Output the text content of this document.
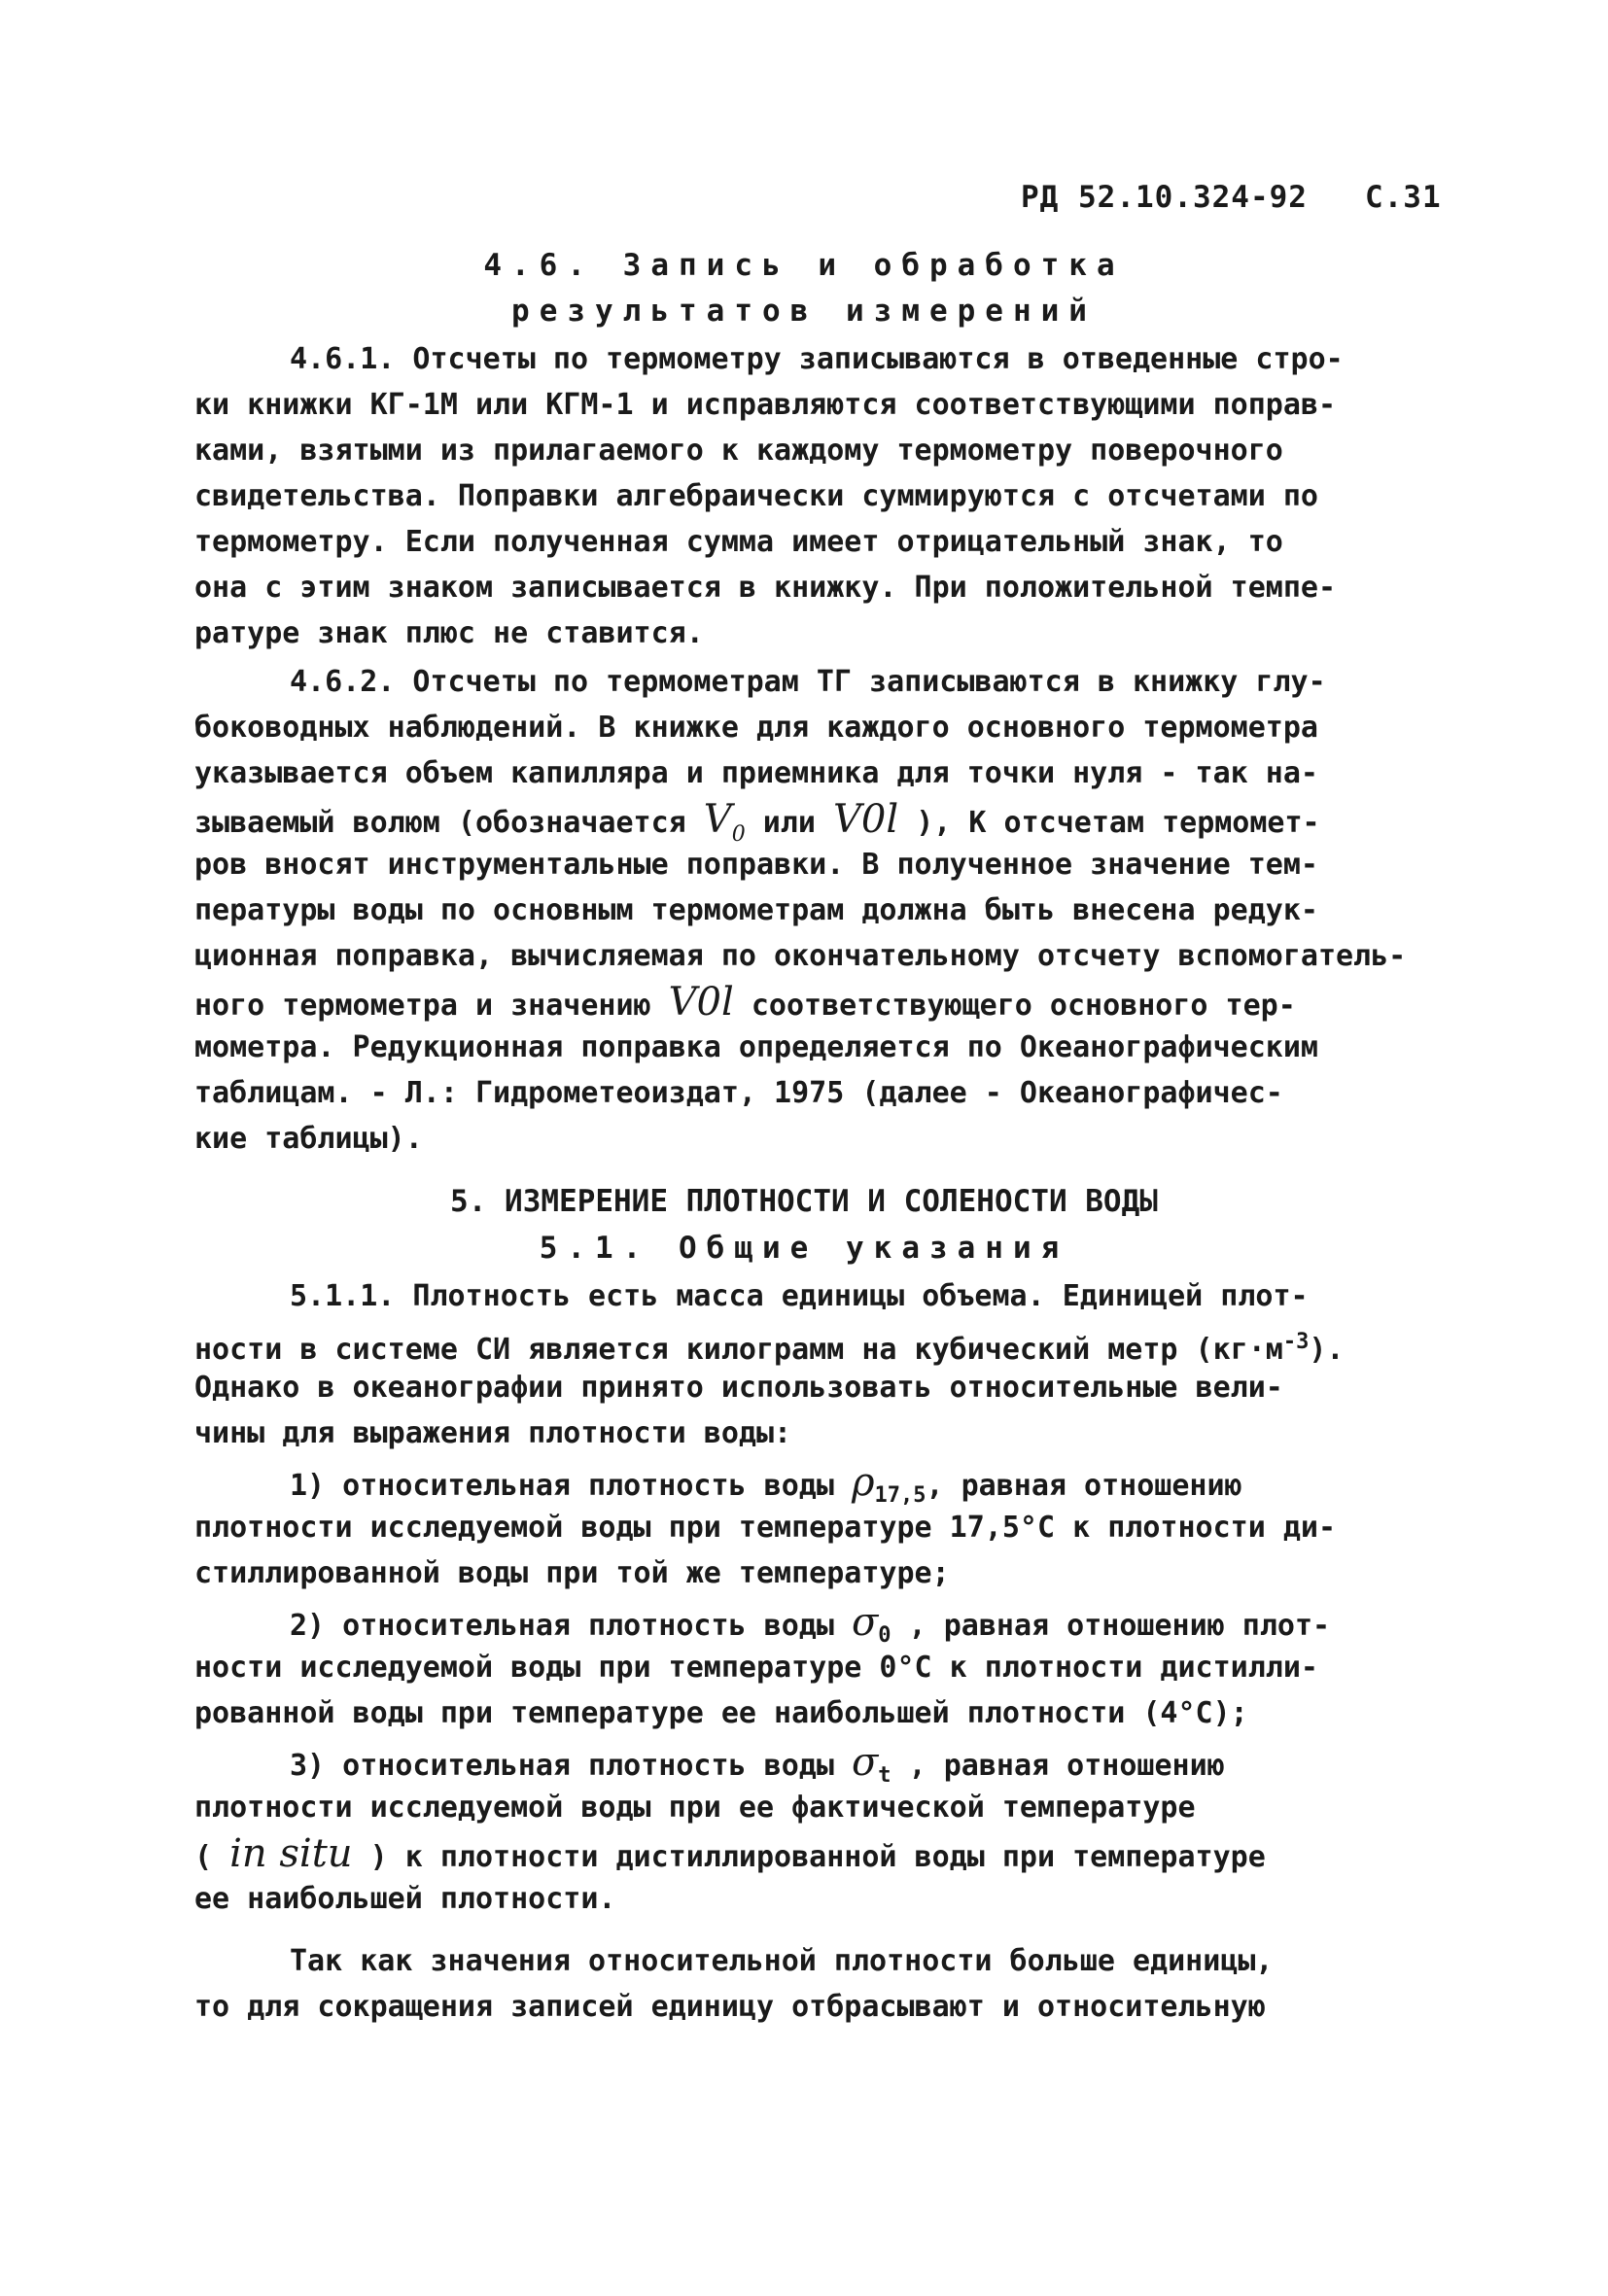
РД 52.10.324-92 С.31
4.6. Запись и обработка
результатов измерений
4.6.1. Отсчеты по термометру записываются в отведенные стро-
ки книжки КГ-1М или КГМ-1 и исправляются соответствующими поправ-
ками, взятыми из прилагаемого к каждому термометру поверочного
свидетельства. Поправки алгебраически суммируются с отсчетами по
термометру. Если полученная сумма имеет отрицательный знак, то
она с этим знаком записывается в книжку. При положительной темпе-
ратуре знак плюс не ставится.
4.6.2. Отсчеты по термометрам ТГ записываются в книжку глу-
боководных наблюдений. В книжке для каждого основного термометра
указывается объем капилляра и приемника для точки нуля - так на-
зываемый волюм (обозначается $V_0$ или V0l ), К отсчетам термомет-
ров вносят инструментальные поправки. В полученное значение тем-
пературы воды по основным термометрам должна быть внесена редук-
ционная поправка, вычисляемая по окончательному отсчету вспомогатель-
ного термометра и значению V0l соответствующего основного тер-
мометра. Редукционная поправка определяется по Океанографическим
таблицам. - Л.: Гидрометеоиздат, 1975 (далее - Океанографичес-
кие таблицы).
5. ИЗМЕРЕНИЕ ПЛОТНОСТИ И СОЛЕНОСТИ ВОДЫ
5.1. Общие указания
5.1.1. Плотность есть масса единицы объема. Единицей плот-
ности в системе СИ является килограмм на кубический метр $(кг\cdot м^{-3})$.
Однако в океанографии принято использовать относительные вели-
чины для выражения плотности воды:
1) относительная плотность воды $\rho_{17,5}$, равная отношению
плотности исследуемой воды при температуре 17,5°С к плотности ди-
стиллированной воды при той же температуре;
2) относительная плотность воды $\sigma_0$ , равная отношению плот-
ности исследуемой воды при температуре 0°С к плотности дистилли-
рованной воды при температуре ее наибольшей плотности (4°С);
3) относительная плотность воды $\sigma_t$ , равная отношению
плотности исследуемой воды при ее фактической температуре
( in situ ) к плотности дистиллированной воды при температуре
ее наибольшей плотности.
Так как значения относительной плотности больше единицы,
то для сокращения записей единицу отбрасывают и относительную
